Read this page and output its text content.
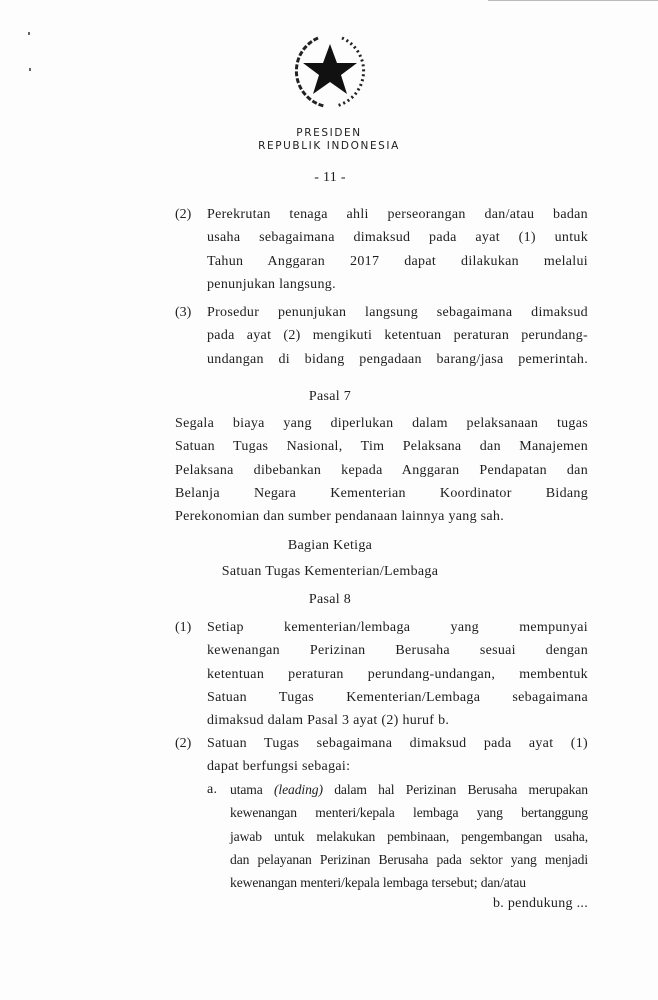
PRESIDEN
REPUBLIK INDONESIA
- 11 -
(2) Perekrutan tenaga ahli perseorangan dan/atau badan
usaha sebagaimana dimaksud pada ayat (1) untuk
Tahun Anggaran 2017 dapat dilakukan melalui
penunjukan langsung.
(3) Prosedur penunjukan langsung sebagaimana dimaksud
pada ayat (2) mengikuti ketentuan peraturan perundang-
undangan di bidang pengadaan barang/jasa pemerintah.
Pasal 7
Segala biaya yang diperlukan dalam pelaksanaan tugas
Satuan Tugas Nasional, Tim Pelaksana dan Manajemen
Pelaksana dibebankan kepada Anggaran Pendapatan dan
Belanja Negara Kementerian Koordinator Bidang
Perekonomian dan sumber pendanaan lainnya yang sah.
Bagian Ketiga
Satuan Tugas Kementerian/Lembaga
Pasal 8
(1) Setiap kementerian/lembaga yang mempunyai
kewenangan Perizinan Berusaha sesuai dengan
ketentuan peraturan perundang-undangan, membentuk
Satuan Tugas Kementerian/Lembaga sebagaimana
dimaksud dalam Pasal 3 ayat (2) huruf b.
(2) Satuan Tugas sebagaimana dimaksud pada ayat (1)
dapat berfungsi sebagai:
a. utama (leading) dalam hal Perizinan Berusaha merupakan
kewenangan menteri/kepala lembaga yang bertanggung
jawab untuk melakukan pembinaan, pengembangan usaha,
dan pelayanan Perizinan Berusaha pada sektor yang menjadi
kewenangan menteri/kepala lembaga tersebut; dan/atau
b. pendukung ...
